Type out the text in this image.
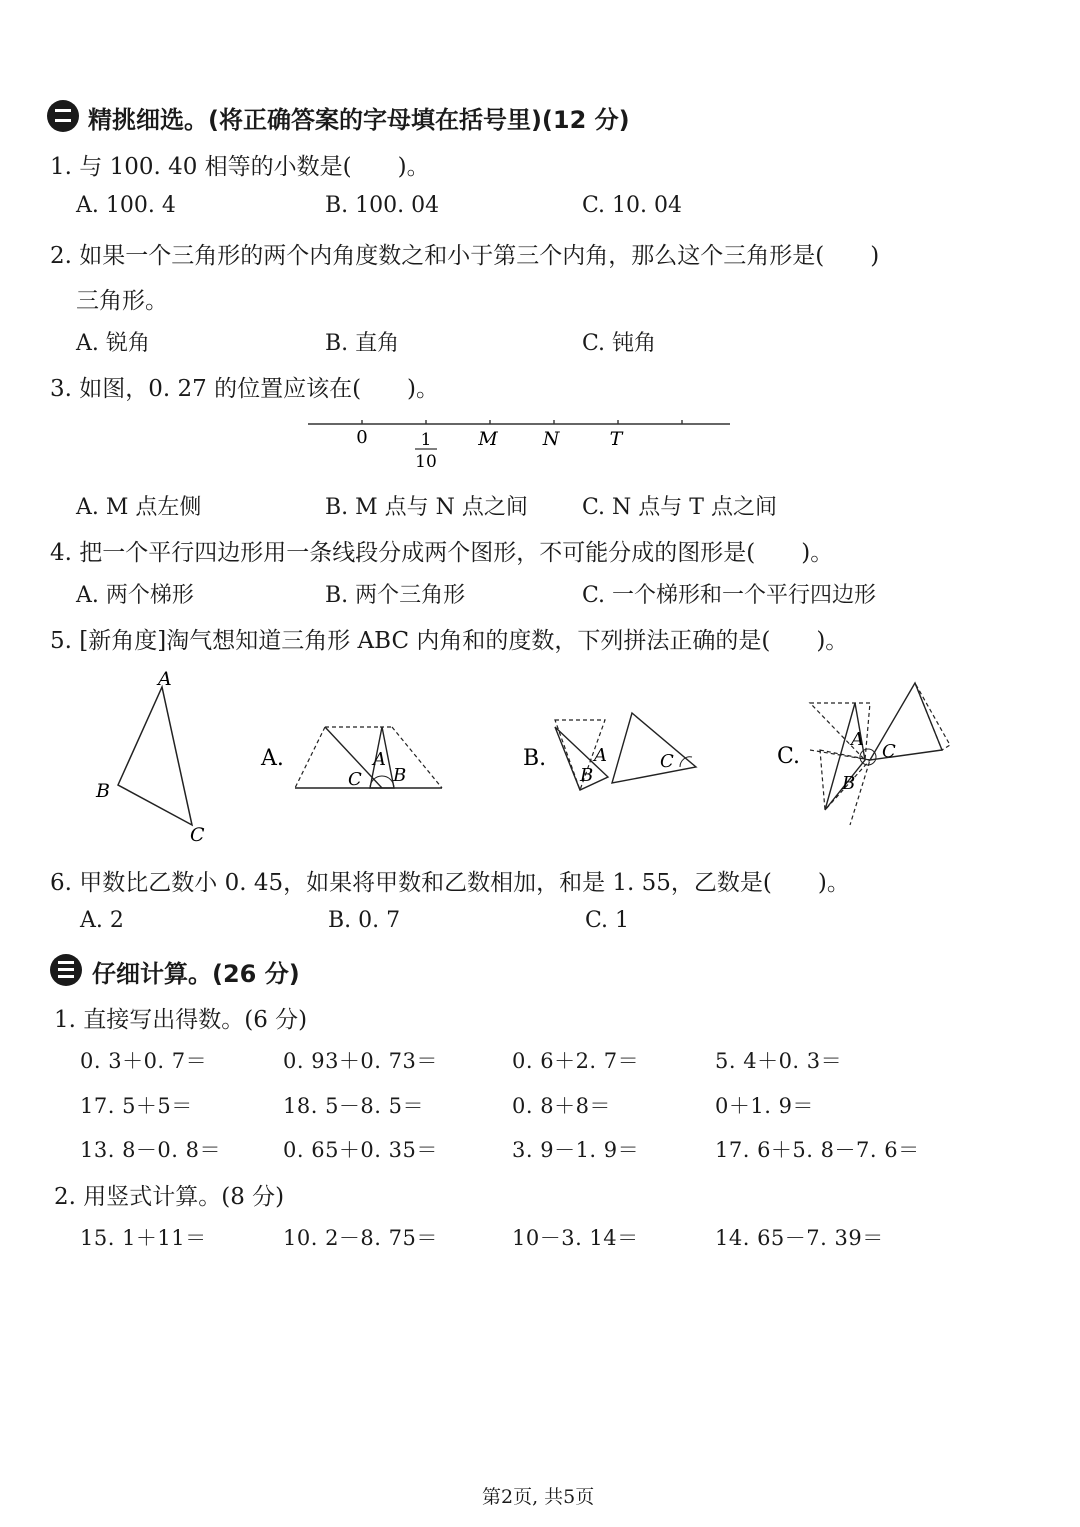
精挑细选。(将正确答案的字母填在括号里)(12 分)
1. 与 100. 40 相等的小数是(　　)。
A. 100. 4	B. 100. 04	C. 10. 04
2. 如果一个三角形的两个内角度数之和小于第三个内角，那么这个三角形是(　　)
三角形。
A. 锐角	B. 直角	C. 钝角
3. 如图，0. 27 的位置应该在(　　)。
0	1
10
M N	T
A. M 点左侧	B. M 点与 N 点之间 C. N 点与 T 点之间
4. 把一个平行四边形用一条线段分成两个图形，不可能分成的图形是(　　)。
A. 两个梯形	B. 两个三角形	C. 一个梯形和一个平行四边形
5. [新角度]淘气想知道三角形 ABC 内角和的度数，下列拼法正确的是(　　)。
A
B
C
A.	A
C B
B.	A
B
C	C.
A
C
B
6. 甲数比乙数小 0. 45，如果将甲数和乙数相加，和是 1. 55，乙数是(　　)。
A. 2	B. 0. 7	C. 1
仔细计算。(26 分)
1. 直接写出得数。(6 分)
0. 3＋0. 7＝	0. 93＋0. 73＝	0. 6＋2. 7＝	5. 4＋0. 3＝
17. 5＋5＝	18. 5－8. 5＝	0. 8＋8＝	0＋1. 9＝
13. 8－0. 8＝	0. 65＋0. 35＝	3. 9－1. 9＝	17. 6＋5. 8－7. 6＝
2. 用竖式计算。(8 分)
15. 1＋11＝	10. 2－8. 75＝	10－3. 14＝	14. 65－7. 39＝
第2页, 共5页
